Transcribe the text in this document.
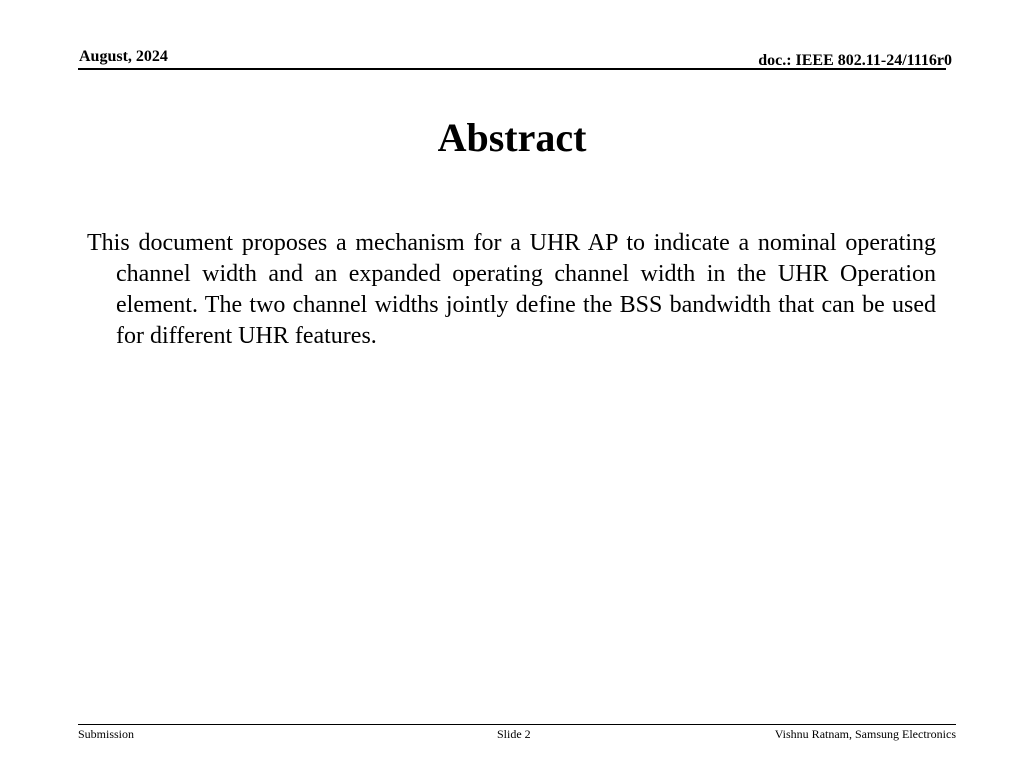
August, 2024	doc.: IEEE 802.11-24/1116r0
Abstract
This document proposes a mechanism for a UHR AP to indicate a nominal operating channel width and an expanded operating channel width in the UHR Operation element. The two channel widths jointly define the BSS bandwidth that can be used for different UHR features.
Submission	Slide 2	Vishnu Ratnam, Samsung Electronics
